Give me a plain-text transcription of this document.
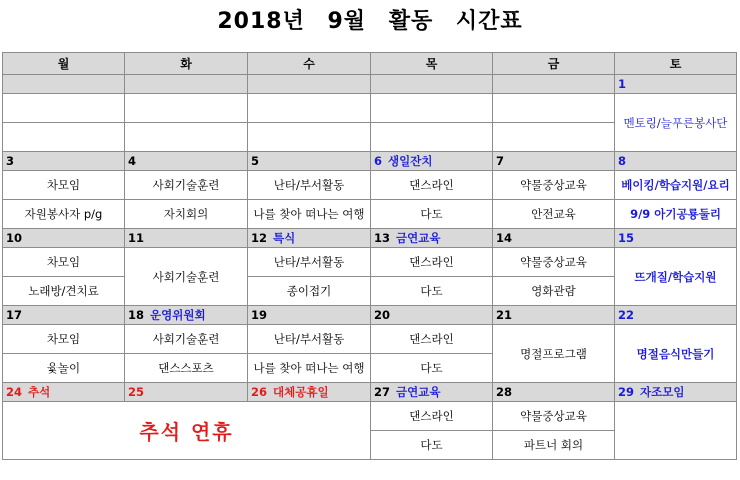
2018년 9월 활동 시간표
월	화	수	목	금	토
					1
					멘토링/늘푸른봉사단

3	4	5	6 생일잔치	7	8
차모임	사회기술훈련	난타/부서활동	댄스라인	약물중상교육	베이킹/학습지원/요리
자원봉사자 p/g	자치회의	나를 찾아 떠나는 여행	다도	안전교육	9/9 아기공룡둘리
10	11	12 특식	13 금연교육	14	15
차모임	사회기술훈련	난타/부서활동	댄스라인	약물중상교육	뜨개질/학습지원
노래방/견치료		종이접기	다도	영화관람	
17	18 운영위원회	19	20	21	22
차모임	사회기술훈련	난타/부서활동	댄스라인	명절프로그램	명절음식만들기
윷놀이	댄스스포츠	나를 찾아 떠나는 여행	다도		
24 추석	25	26 대체공휴일	27 금연교육	28	29 자조모임
추석 연휴			댄스라인	약물중상교육	
			다도	파트너 회의	
